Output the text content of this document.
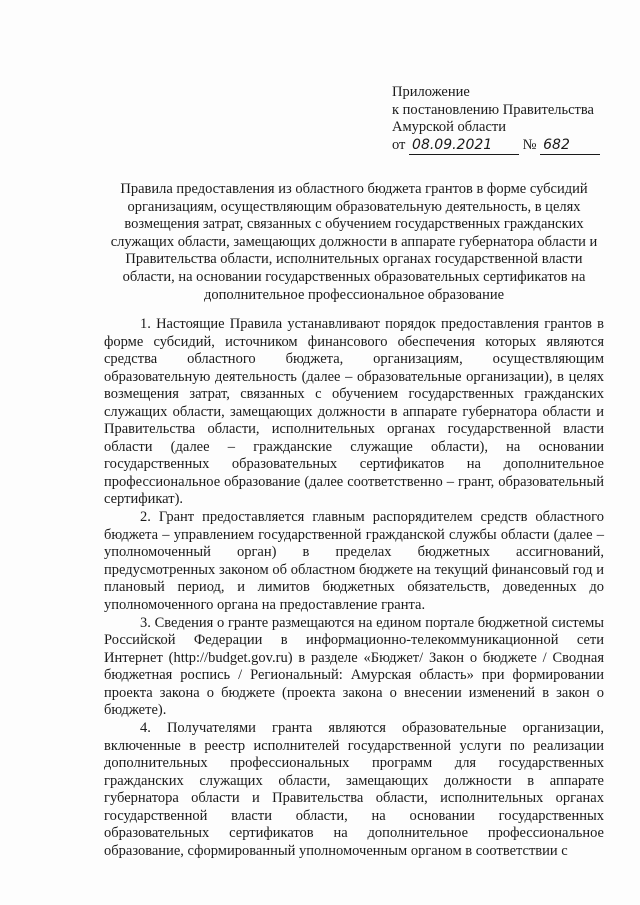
Приложение
к постановлению Правительства
Амурской области
от 08.09.2021 № 682
Правила предоставления из областного бюджета грантов в форме субсидий
организациям, осуществляющим образовательную деятельность, в целях
возмещения затрат, связанных с обучением государственных гражданских
служащих области, замещающих должности в аппарате губернатора области и
Правительства области, исполнительных органах государственной власти
области, на основании государственных образовательных сертификатов на
дополнительное профессиональное образование

1. Настоящие Правила устанавливают порядок предоставления грантов в форме субсидий, источником финансового обеспечения которых являются средства областного бюджета, организациям, осуществляющим образовательную деятельность (далее – образовательные организации), в целях возмещения затрат, связанных с обучением государственных гражданских служащих области, замещающих должности в аппарате губернатора области и Правительства области, исполнительных органах государственной власти области (далее – гражданские служащие области), на основании государственных образовательных сертификатов на дополнительное профессиональное образование (далее соответственно – грант, образовательный сертификат).

2. Грант предоставляется главным распорядителем средств областного бюджета – управлением государственной гражданской службы области (далее – уполномоченный орган) в пределах бюджетных ассигнований, предусмотренных законом об областном бюджете на текущий финансовый год и плановый период, и лимитов бюджетных обязательств, доведенных до уполномоченного органа на предоставление гранта.

3. Сведения о гранте размещаются на едином портале бюджетной системы Российской Федерации в информационно-телекоммуникационной сети Интернет (http://budget.gov.ru) в разделе «Бюджет/ Закон о бюджете / Сводная бюджетная роспись / Региональный: Амурская область» при формировании проекта закона о бюджете (проекта закона о внесении изменений в закон о бюджете).

4. Получателями гранта являются образовательные организации, включенные в реестр исполнителей государственной услуги по реализации дополнительных профессиональных программ для государственных гражданских служащих области, замещающих должности в аппарате губернатора области и Правительства области, исполнительных органах государственной власти области, на основании государственных образовательных сертификатов на дополнительное профессиональное образование, сформированный уполномоченным органом в соответствии с
